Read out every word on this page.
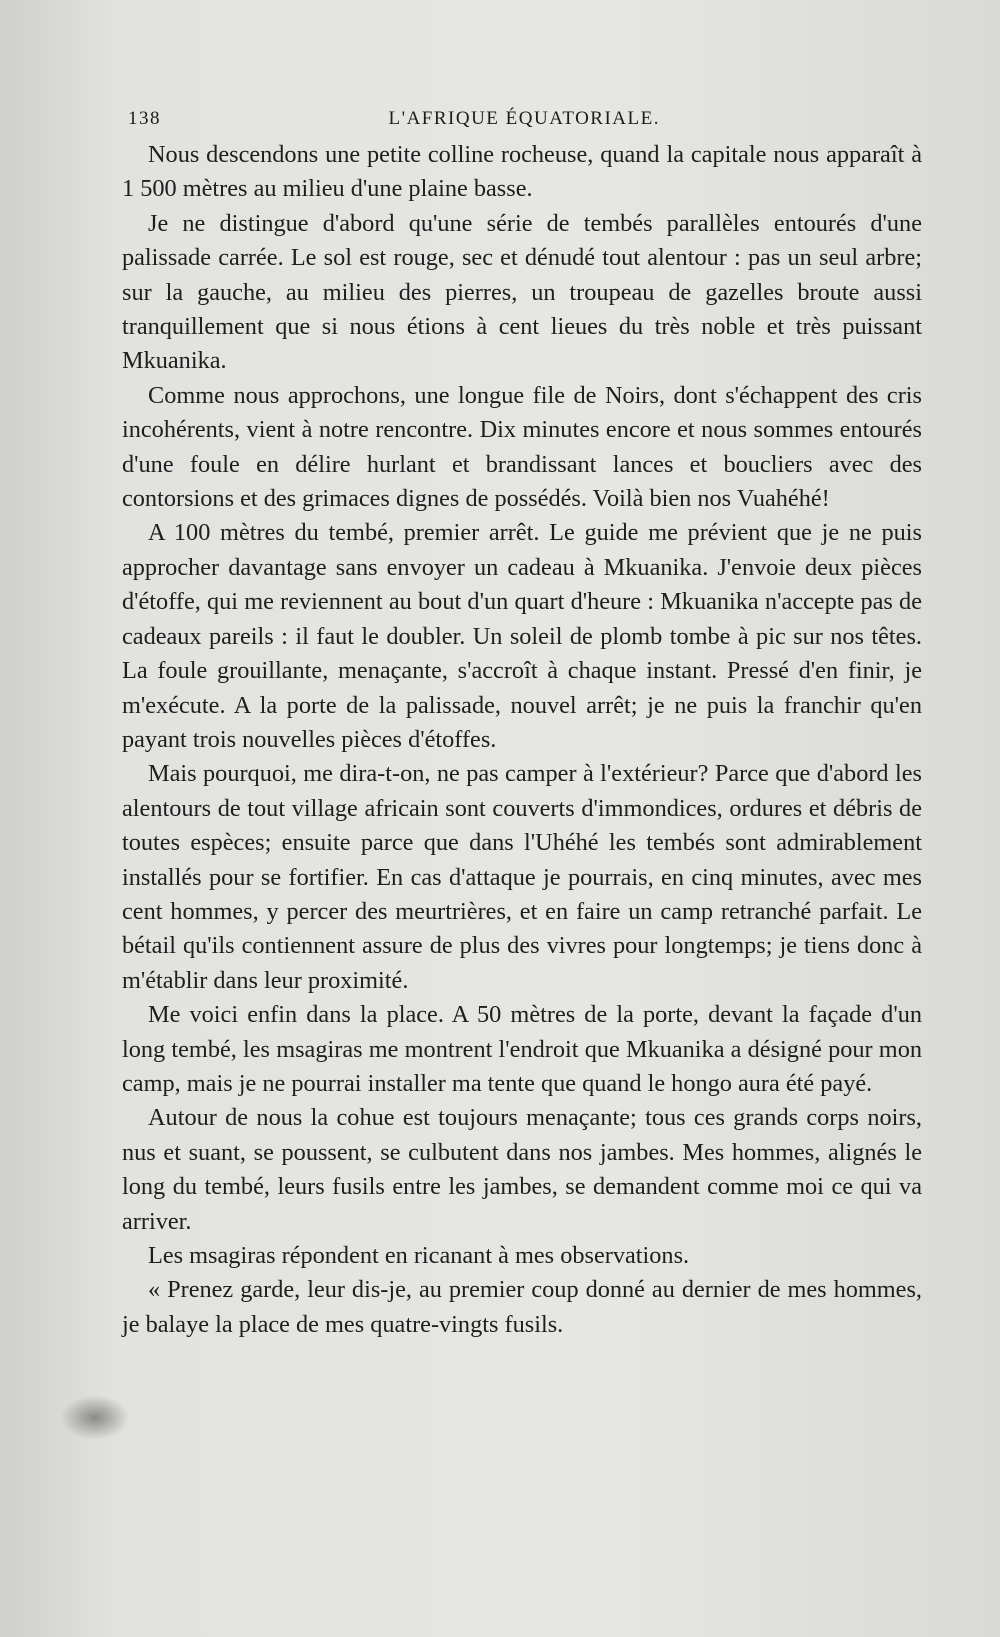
138	L'AFRIQUE ÉQUATORIALE.

Nous descendons une petite colline rocheuse, quand la capitale nous apparaît à 1 500 mètres au milieu d'une plaine basse.

Je ne distingue d'abord qu'une série de tembés parallèles entourés d'une palissade carrée. Le sol est rouge, sec et dénudé tout alentour : pas un seul arbre; sur la gauche, au milieu des pierres, un troupeau de gazelles broute aussi tranquillement que si nous étions à cent lieues du très noble et très puissant Mkuanika.

Comme nous approchons, une longue file de Noirs, dont s'échappent des cris incohérents, vient à notre rencontre. Dix minutes encore et nous sommes entourés d'une foule en délire hurlant et brandissant lances et boucliers avec des contorsions et des grimaces dignes de possédés. Voilà bien nos Vuahéhé!

A 100 mètres du tembé, premier arrêt. Le guide me prévient que je ne puis approcher davantage sans envoyer un cadeau à Mkuanika. J'envoie deux pièces d'étoffe, qui me reviennent au bout d'un quart d'heure : Mkuanika n'accepte pas de cadeaux pareils : il faut le doubler. Un soleil de plomb tombe à pic sur nos têtes. La foule grouillante, menaçante, s'accroît à chaque instant. Pressé d'en finir, je m'exécute. A la porte de la palissade, nouvel arrêt; je ne puis la franchir qu'en payant trois nouvelles pièces d'étoffes.

Mais pourquoi, me dira-t-on, ne pas camper à l'extérieur? Parce que d'abord les alentours de tout village africain sont couverts d'immondices, ordures et débris de toutes espèces; ensuite parce que dans l'Uhéhé les tembés sont admirablement installés pour se fortifier. En cas d'attaque je pourrais, en cinq minutes, avec mes cent hommes, y percer des meurtrières, et en faire un camp retranché parfait. Le bétail qu'ils contiennent assure de plus des vivres pour longtemps; je tiens donc à m'établir dans leur proximité.

Me voici enfin dans la place. A 50 mètres de la porte, devant la façade d'un long tembé, les msagiras me montrent l'endroit que Mkuanika a désigné pour mon camp, mais je ne pourrai installer ma tente que quand le hongo aura été payé.

Autour de nous la cohue est toujours menaçante; tous ces grands corps noirs, nus et suant, se poussent, se culbutent dans nos jambes. Mes hommes, alignés le long du tembé, leurs fusils entre les jambes, se demandent comme moi ce qui va arriver.

Les msagiras répondent en ricanant à mes observations.

« Prenez garde, leur dis-je, au premier coup donné au dernier de mes hommes, je balaye la place de mes quatre-vingts fusils.
